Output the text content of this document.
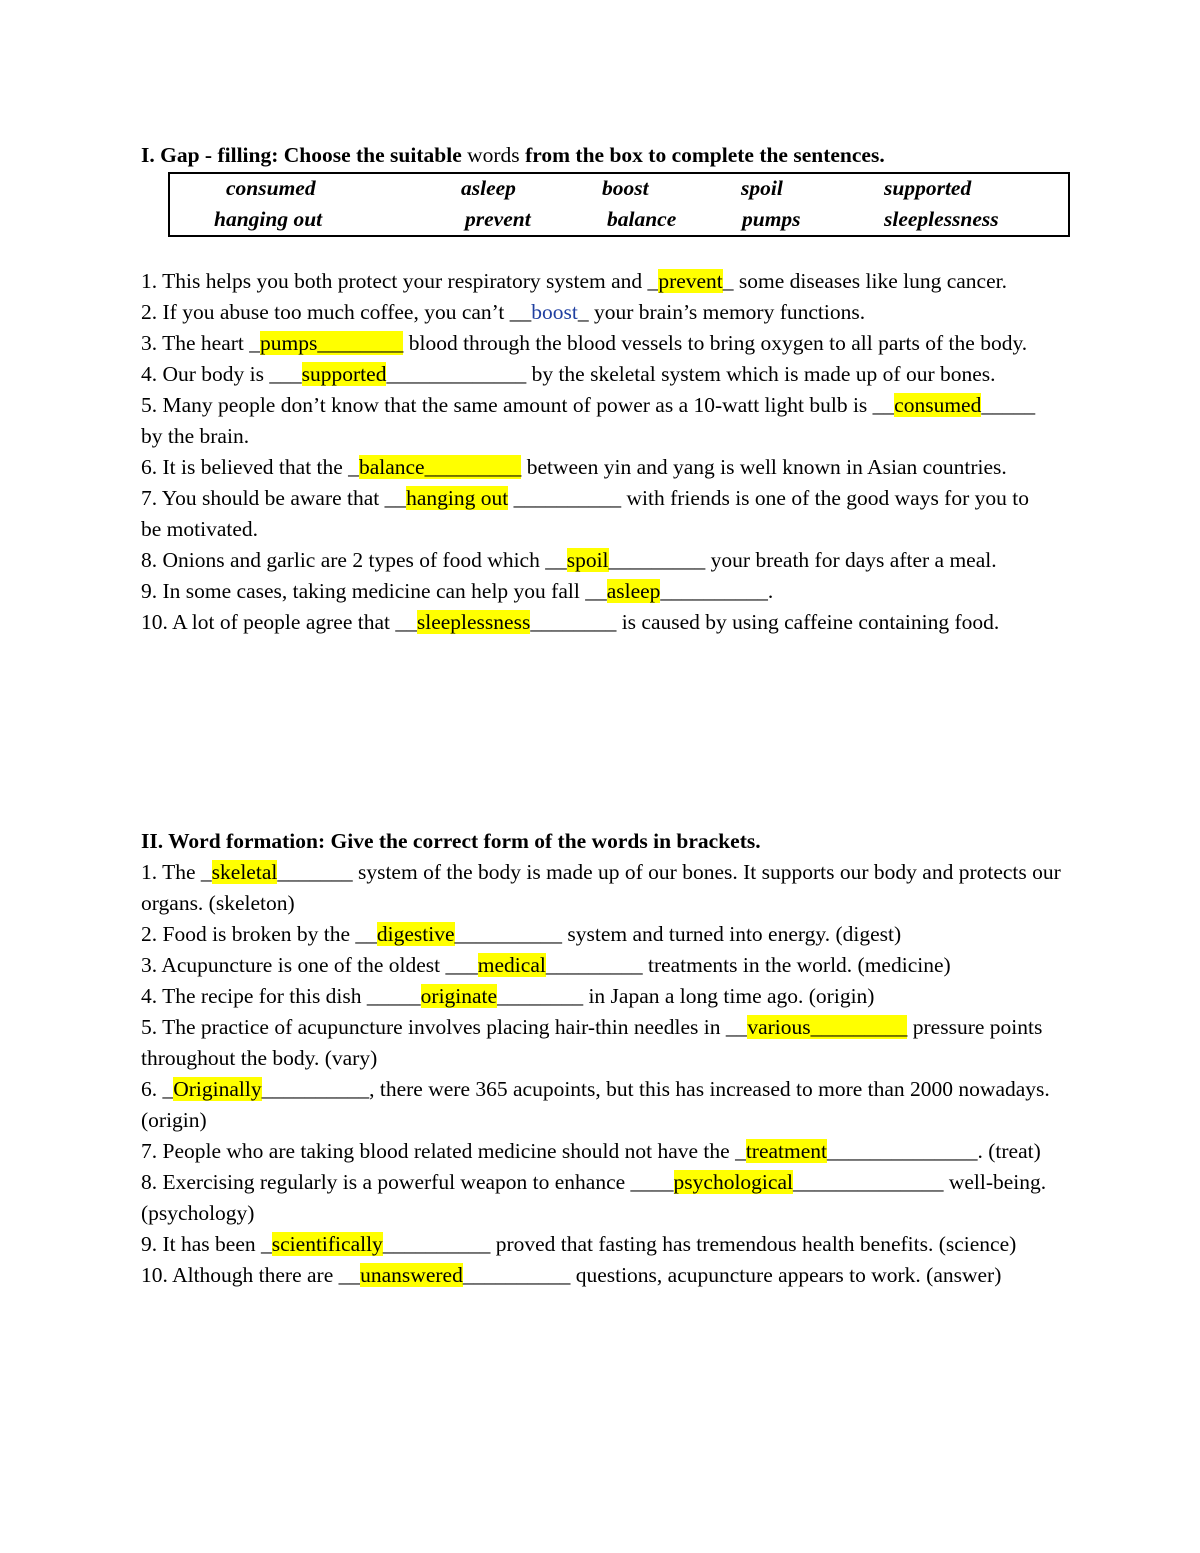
I. Gap - filling: Choose the suitable words from the box to complete the sentences.
consumed	asleep	boost	spoil	supported
hanging out	prevent	balance	pumps	sleeplessness
1. This helps you both protect your respiratory system and _prevent_ some diseases like lung cancer.
2. If you abuse too much coffee, you can’t __boost_ your brain’s memory functions.
3. The heart _pumps________ blood through the blood vessels to bring oxygen to all parts of the body.
4. Our body is ___supported_____________ by the skeletal system which is made up of our bones.
5. Many people don’t know that the same amount of power as a 10-watt light bulb is __consumed_____ by the brain.
6. It is believed that the _balance_________ between yin and yang is well known in Asian countries.
7. You should be aware that __hanging out __________ with friends is one of the good ways for you to be motivated.
8. Onions and garlic are 2 types of food which __spoil_________ your breath for days after a meal.
9. In some cases, taking medicine can help you fall __asleep__________.
10. A lot of people agree that __sleeplessness________ is caused by using caffeine containing food.
II. Word formation: Give the correct form of the words in brackets.
1. The _skeletal_______ system of the body is made up of our bones. It supports our body and protects our organs. (skeleton)
2. Food is broken by the __digestive__________ system and turned into energy. (digest)
3. Acupuncture is one of the oldest ___medical_________ treatments in the world. (medicine)
4. The recipe for this dish _____originate________ in Japan a long time ago. (origin)
5. The practice of acupuncture involves placing hair-thin needles in __various_________ pressure points throughout the body. (vary)
6. _Originally__________, there were 365 acupoints, but this has increased to more than 2000 nowadays. (origin)
7. People who are taking blood related medicine should not have the _treatment______________. (treat)
8. Exercising regularly is a powerful weapon to enhance ____psychological______________ well-being. (psychology)
9. It has been _scientifically__________ proved that fasting has tremendous health benefits. (science)
10. Although there are __unanswered__________ questions, acupuncture appears to work. (answer)
